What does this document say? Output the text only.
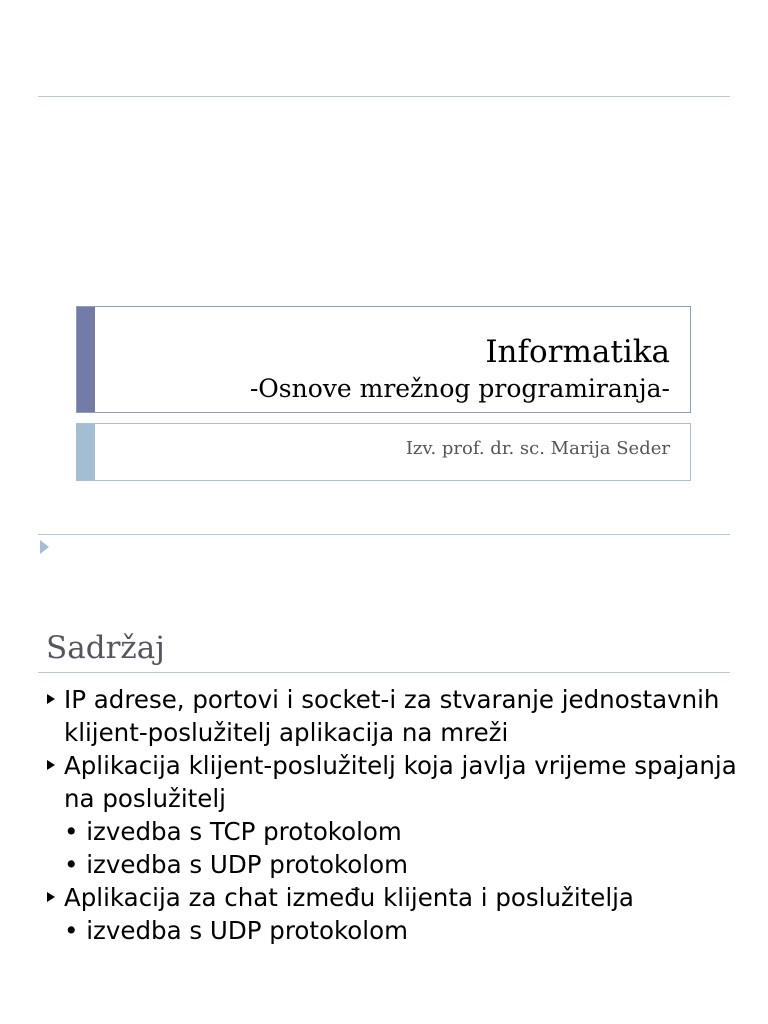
Informatika
-Osnove mrežnog programiranja-
Izv. prof. dr. sc. Marija Seder
Sadržaj
IP adrese, portovi i socket-i za stvaranje jednostavnih klijent-poslužitelj aplikacija na mreži
Aplikacija klijent-poslužitelj koja javlja vrijeme spajanja na poslužitelj
• izvedba s TCP protokolom
• izvedba s UDP protokolom
Aplikacija za chat između klijenta i poslužitelja
• izvedba s UDP protokolom
